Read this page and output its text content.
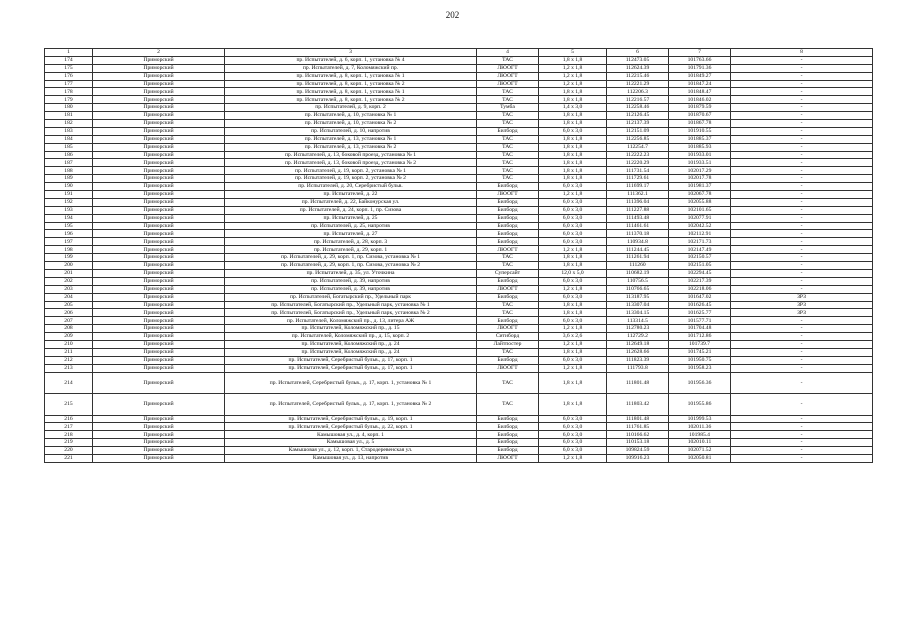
202
1	2	3	4	5	6	7	8
174	Приморский	пр. Испытателей, д. 6, корп. 1, установка № 4	ТАС	1,8 x 1,8	112473.05	101763.66	-
175	Приморский	пр. Испытателей, д. 7, Коломяжский пр.	ЛЮОГТ	1,2 x 1,8	112624.39	101791.36	-
176	Приморский	пр. Испытателей, д. 8, корп. 1, установка № 1	ЛЮОГТ	1,2 x 1,8	112215.46	101849.27	-
177	Приморский	пр. Испытателей, д. 8, корп. 1, установка № 2	ЛЮОГТ	1,2 x 1,8	112221.29	101847.24	-
178	Приморский	пр. Испытателей, д. 8, корп. 1, установка № 1	ТАС	1,8 x 1,8	112206.3	101848.47	-
179	Приморский	пр. Испытателей, д. 8, корп. 1, установка № 2	ТАС	1,8 x 1,8	112216.57	101846.02	-
180	Приморский	пр. Испытателей, д. 9, корп. 2	Тумба	1,4 x 3,0	112258.46	101879.59	-
181	Приморский	пр. Испытателей, д. 10, установка № 1	ТАС	1,8 x 1,8	112126.45	101870.67	-
182	Приморский	пр. Испытателей, д. 10, установка № 2	ТАС	1,8 x 1,8	112137.39	101867.78	-
183	Приморский	пр. Испытателей, д. 10, напротив	Билборд	6,0 x 3,0	112151.09	101910.55	-
184	Приморский	пр. Испытателей, д. 13, установка № 1	ТАС	1,8 x 1,8	112256.85	101885.37	-
185	Приморский	пр. Испытателей, д. 13, установка № 2	ТАС	1,8 x 1,8	112254.7	101885.93	-
186	Приморский	пр. Испытателей, д. 13, боковой проезд, установка № 1	ТАС	1,8 x 1,8	112222.23	101933.01	-
187	Приморский	пр. Испытателей, д. 13, боковой проезд, установка № 2	ТАС	1,8 x 1,8	112220.29	101933.51	-
188	Приморский	пр. Испытателей, д. 19, корп. 2, установка № 1	ТАС	1,8 x 1,8	111731.54	102017.29	-
189	Приморский	пр. Испытателей, д. 19, корп. 2, установка № 2	ТАС	1,8 x 1,8	111729.61	102017.78	-
190	Приморский	пр. Испытателей, д. 20, Серебристый бульв.	Билборд	6,0 x 3,0	111699.17	101981.37	-
191	Приморский	пр. Испытателей, д. 22	ЛЮОГТ	1,2 x 1,8	111362.1	102067.78	-
192	Приморский	пр. Испытателей, д. 22, Байконурская ул.	Билборд	6,0 x 3,0	111396.04	102055.88	-
193	Приморский	пр. Испытателей, д. 24, корп. 1, пр. Сизова	Билборд	6,0 x 3,0	111227.88	102101.65	-
194	Приморский	пр. Испытателей, д. 25	Билборд	6,0 x 3,0	111493.48	102077.91	-
195	Приморский	пр. Испытателей, д. 25, напротив	Билборд	6,0 x 3,0	111461.61	102042.52	-
196	Приморский	пр. Испытателей, д. 27	Билборд	6,0 x 3,0	111370.18	102112.91	-
197	Приморский	пр. Испытателей, д. 28, корп. 3	Билборд	6,0 x 3,0	110934.8	102171.73	-
198	Приморский	пр. Испытателей, д. 29, корп. 1	ЛЮОГТ	1,2 x 1,8	111244.45	102147.49	-
199	Приморский	пр. Испытателей, д. 29, корп. 1, пр. Сизова, установка № 1	ТАС	1,8 x 1,8	111261.94	102150.57	-
200	Приморский	пр. Испытателей, д. 29, корп. 1, пр. Сизова, установка № 2	ТАС	1,8 x 1,8	111260	102151.05	-
201	Приморский	пр. Испытателей, д. 35, ул. Уточкина	Суперсайт	12,0 x 5,0	110682.19	102294.45	-
202	Приморский	пр. Испытателей, д. 39, напротив	Билборд	6,0 x 3,0	110756.5	102217.39	-
203	Приморский	пр. Испытателей, д. 39, напротив	ЛЮОГТ	1,2 x 1,8	110766.65	102218.06	-
204	Приморский	пр. Испытателей, Богатырский пр., Удельный парк	Билборд	6,0 x 3,0	113187.95	101647.02	ЗРЗ
205	Приморский	пр. Испытателей, Богатырский пр., Удельный парк, установка № 1	ТАС	1,8 x 1,8	113307.04	101626.45	ЗРЗ
206	Приморский	пр. Испытателей, Богатырский пр., Удельный парк, установка № 2	ТАС	1,8 x 1,8	113304.15	101625.77	ЗРЗ
207	Приморский	пр. Испытателей, Коломяжский пр., д. 13, литера АЖ	Билборд	6,0 x 3,0	113314.5	101577.71	-
208	Приморский	пр. Испытателей, Коломяжский пр., д. 15	ЛЮОГТ	1,2 x 1,8	112780.23	101704.48	-
209	Приморский	пр. Испытателей, Коломяжский пр., д. 15, корп. 2	Ситиборд	3,6 x 2,6	112729.2	101712.86	-
210	Приморский	пр. Испытателей, Коломяжский пр., д. 24	Лайтпостер	1,2 x 1,8	112649.18	101739.7	-
211	Приморский	пр. Испытателей, Коломяжский пр., д. 24	ТАС	1,8 x 1,8	112628.66	101745.21	-
212	Приморский	пр. Испытателей, Серебристый бульв., д. 17, корп. 1	Билборд	6,0 x 3,0	111823.39	101950.75	-
213	Приморский	пр. Испытателей, Серебристый бульв., д. 17, корп. 1	ЛЮОГТ	1,2 x 1,8	111793.8	101958.23	-
214	Приморский	пр. Испытателей, Серебристый бульв., д. 17, корп. 1, установка № 1	ТАС	1,8 x 1,8	111801.48	101956.36	-
215	Приморский	пр. Испытателей, Серебристый бульв., д. 17, корп. 1, установка № 2	ТАС	1,8 x 1,8	111803.42	101955.86	-
216	Приморский	пр. Испытателей, Серебристый бульв., д. 19, корп. 1	Билборд	6,0 x 3,0	111801.48	101999.53	-
217	Приморский	пр. Испытателей, Серебристый бульв., д. 22, корп. 1	Билборд	6,0 x 3,0	111761.85	102011.36	-
218	Приморский	Камышовая ул., д. 4, корп. 1	Билборд	6,0 x 3,0	110166.62	101985.4	-
219	Приморский	Камышовая ул., д. 5	Билборд	6,0 x 3,0	110153.18	102010.11	-
220	Приморский	Камышовая ул., д. 12, корп. 1, Стародеревенская ул.	Билборд	6,0 x 3,0	109824.59	102071.52	-
221	Приморский	Камышовая ул., д. 13, напротив	ЛЮОГТ	1,2 x 1,8	109916.23	102050.81	-
